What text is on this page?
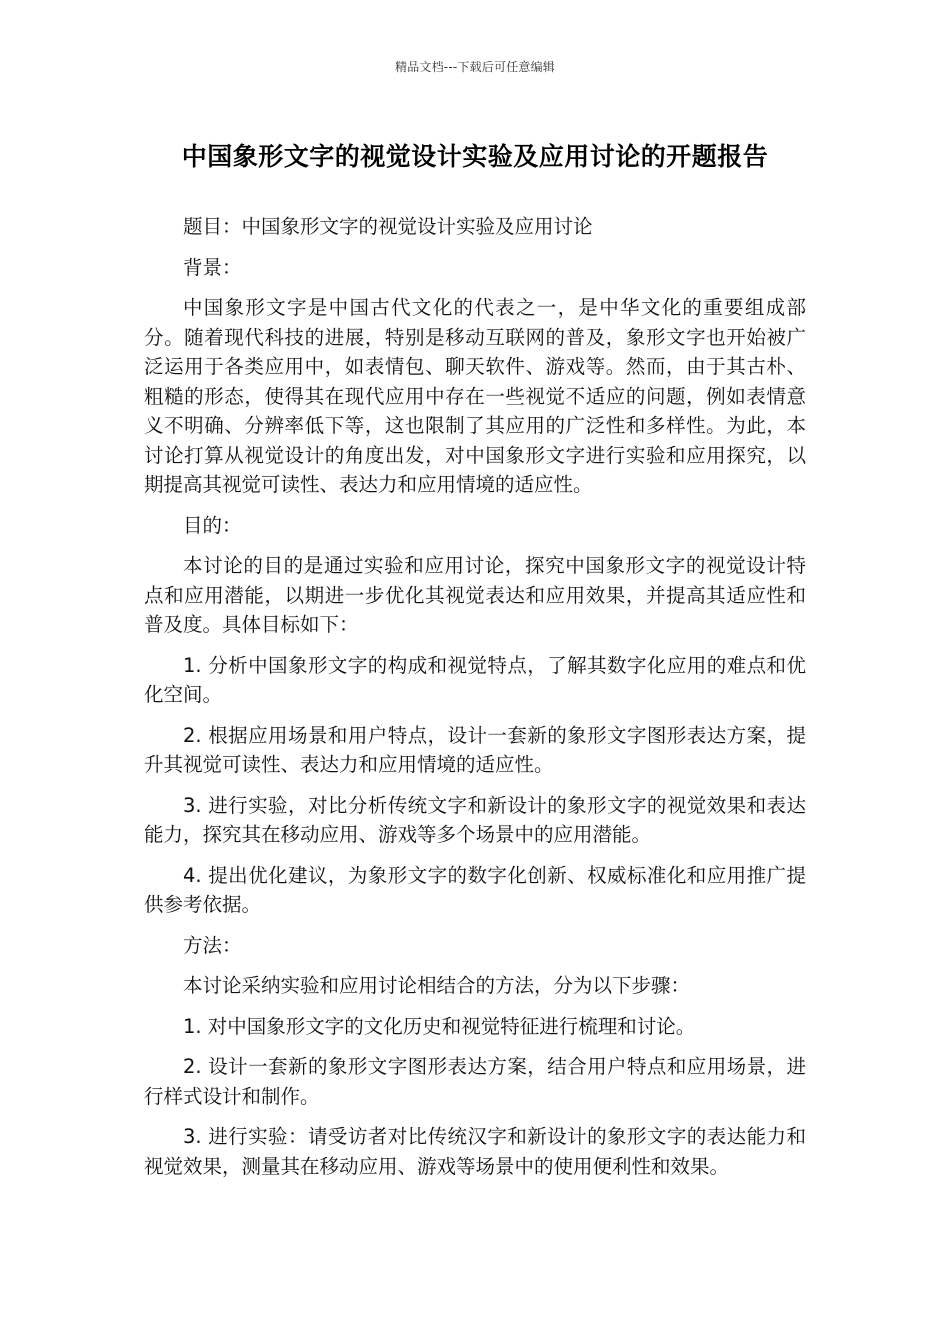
精品文档---下载后可任意编辑
中国象形文字的视觉设计实验及应用讨论的开题报告

题目：中国象形文字的视觉设计实验及应用讨论

背景：

中国象形文字是中国古代文化的代表之一，是中华文化的重要组成部分。随着现代科技的进展，特别是移动互联网的普及，象形文字也开始被广泛运用于各类应用中，如表情包、聊天软件、游戏等。然而，由于其古朴、粗糙的形态，使得其在现代应用中存在一些视觉不适应的问题，例如表情意义不明确、分辨率低下等，这也限制了其应用的广泛性和多样性。为此，本讨论打算从视觉设计的角度出发，对中国象形文字进行实验和应用探究，以期提高其视觉可读性、表达力和应用情境的适应性。

目的：

本讨论的目的是通过实验和应用讨论，探究中国象形文字的视觉设计特点和应用潜能，以期进一步优化其视觉表达和应用效果，并提高其适应性和普及度。具体目标如下：

1. 分析中国象形文字的构成和视觉特点，了解其数字化应用的难点和优化空间。

2. 根据应用场景和用户特点，设计一套新的象形文字图形表达方案，提升其视觉可读性、表达力和应用情境的适应性。

3. 进行实验，对比分析传统文字和新设计的象形文字的视觉效果和表达能力，探究其在移动应用、游戏等多个场景中的应用潜能。

4. 提出优化建议，为象形文字的数字化创新、权威标准化和应用推广提供参考依据。

方法：

本讨论采纳实验和应用讨论相结合的方法，分为以下步骤：

1. 对中国象形文字的文化历史和视觉特征进行梳理和讨论。

2. 设计一套新的象形文字图形表达方案，结合用户特点和应用场景，进行样式设计和制作。

3. 进行实验：请受访者对比传统汉字和新设计的象形文字的表达能力和视觉效果，测量其在移动应用、游戏等场景中的使用便利性和效果。
